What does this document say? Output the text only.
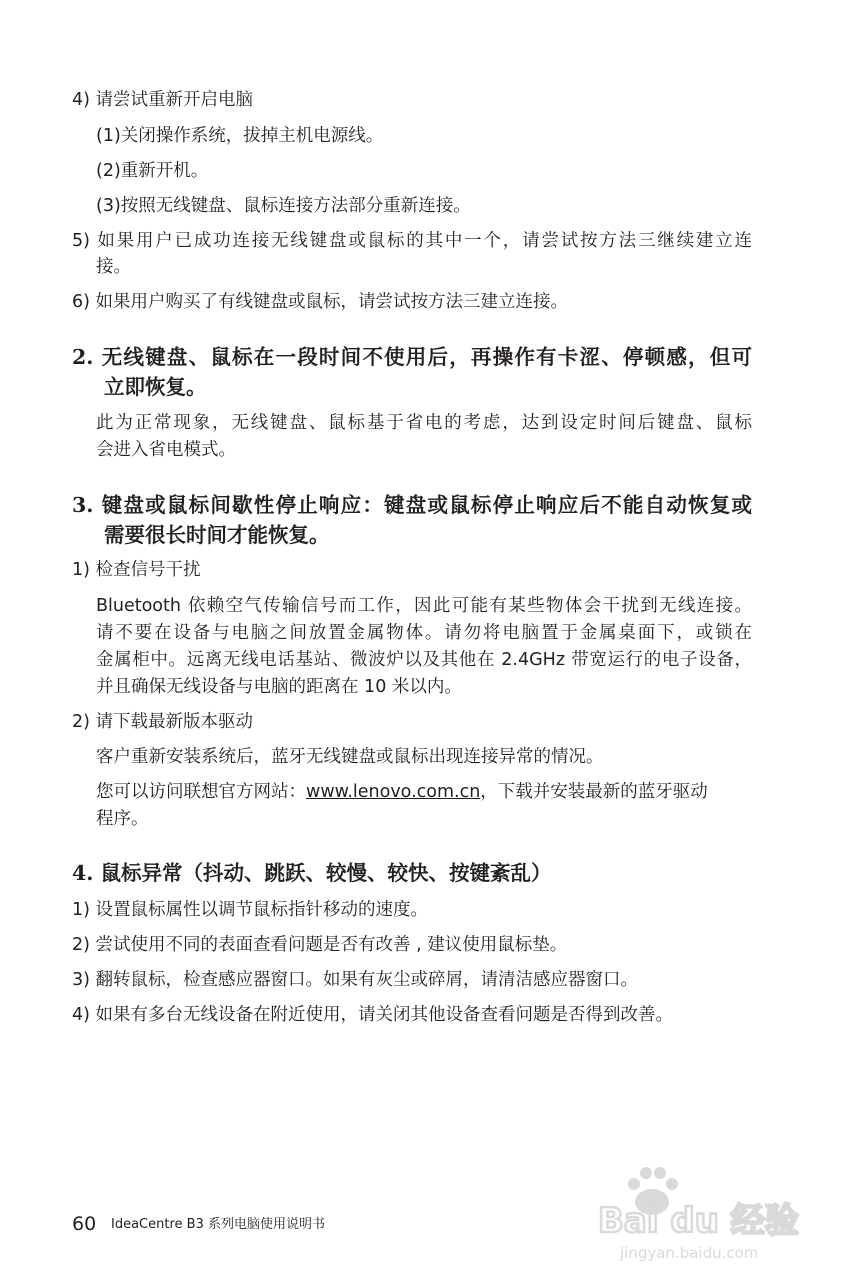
4) 请尝试重新开启电脑
(1)关闭操作系统，拔掉主机电源线。
(2)重新开机。
(3)按照无线键盘、鼠标连接方法部分重新连接。
5) 如果用户已成功连接无线键盘或鼠标的其中一个，请尝试按方法三继续建立连
接。
6) 如果用户购买了有线键盘或鼠标，请尝试按方法三建立连接。
2. 无线键盘、鼠标在一段时间不使用后，再操作有卡涩、停顿感，但可
立即恢复。
此为正常现象，无线键盘、鼠标基于省电的考虑，达到设定时间后键盘、鼠标
会进入省电模式。
3. 键盘或鼠标间歇性停止响应：键盘或鼠标停止响应后不能自动恢复或
需要很长时间才能恢复。
1) 检查信号干扰
Bluetooth 依赖空气传输信号而工作，因此可能有某些物体会干扰到无线连接。
请不要在设备与电脑之间放置金属物体。请勿将电脑置于金属桌面下，或锁在
金属柜中。远离无线电话基站、微波炉以及其他在 2.4GHz 带宽运行的电子设备，
并且确保无线设备与电脑的距离在 10 米以内。
2) 请下载最新版本驱动
客户重新安装系统后，蓝牙无线键盘或鼠标出现连接异常的情况。
您可以访问联想官方网站：www.lenovo.com.cn，下载并安装最新的蓝牙驱动
程序。
4. 鼠标异常（抖动、跳跃、较慢、较快、按键紊乱）
1) 设置鼠标属性以调节鼠标指针移动的速度。
2) 尝试使用不同的表面查看问题是否有改善 , 建议使用鼠标垫。
3) 翻转鼠标，检查感应器窗口。如果有灰尘或碎屑，请清洁感应器窗口。
4) 如果有多台无线设备在附近使用，请关闭其他设备查看问题是否得到改善。
60 IdeaCentre B3 系列电脑使用说明书	Bai du 经验
jingyan.baidu.com
